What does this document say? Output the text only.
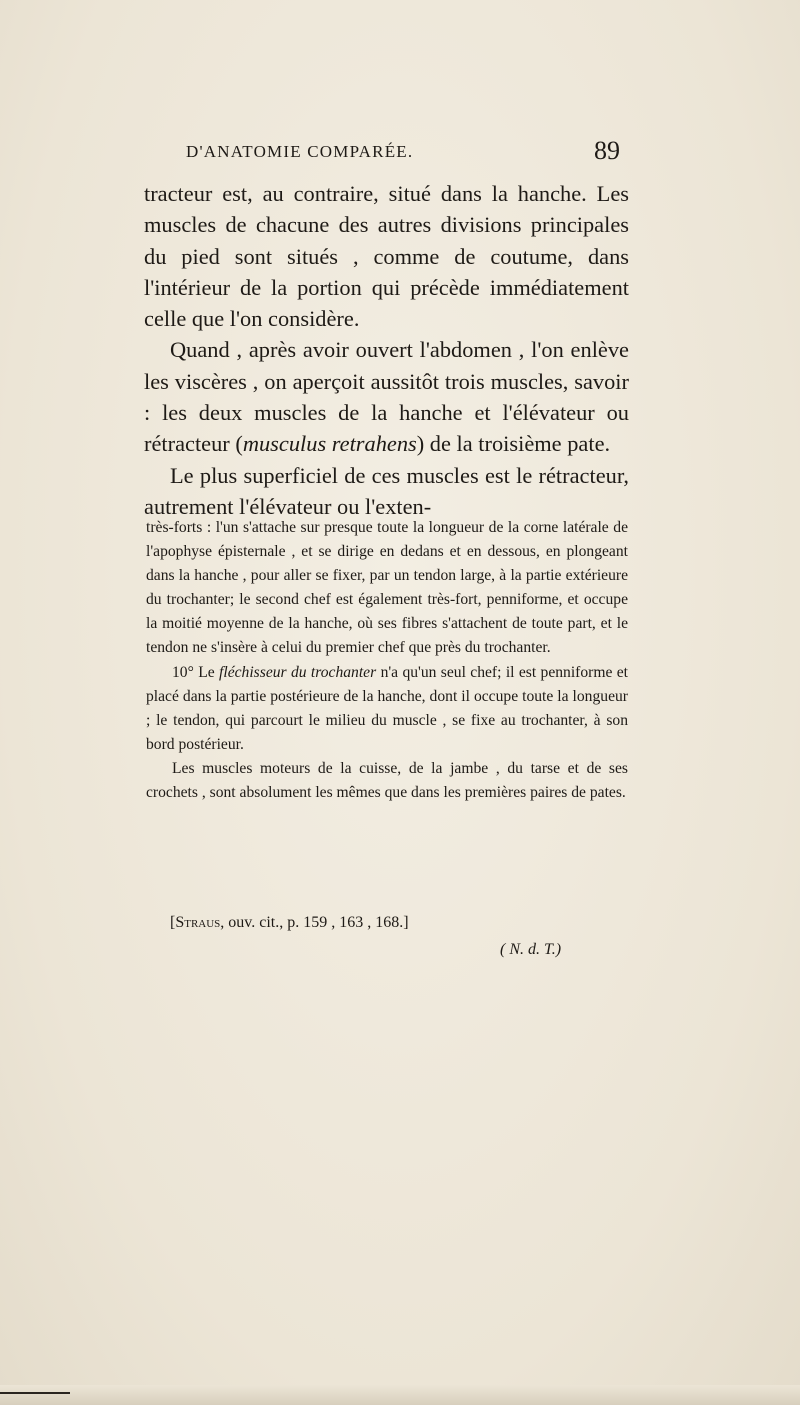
D'ANATOMIE COMPARÉE.	89

tracteur est, au contraire, situé dans la hanche. Les muscles de chacune des autres divisions principales du pied sont situés , comme de coutume, dans l'intérieur de la portion qui précède immédiatement celle que l'on considère.

Quand , après avoir ouvert l'abdomen , l'on enlève les viscères , on aperçoit aussitôt trois muscles, savoir : les deux muscles de la hanche et l'élévateur ou rétracteur (musculus retrahens) de la troisième pate.

Le plus superficiel de ces muscles est le rétracteur, autrement l'élévateur ou l'exten-

très-forts : l'un s'attache sur presque toute la longueur de la corne latérale de l'apophyse épisternale , et se dirige en dedans et en dessous, en plongeant dans la hanche , pour aller se fixer, par un tendon large, à la partie extérieure du trochanter; le second chef est également très-fort, penniforme, et occupe la moitié moyenne de la hanche, où ses fibres s'attachent de toute part, et le tendon ne s'insère à celui du premier chef que près du trochanter.

10° Le fléchisseur du trochanter n'a qu'un seul chef; il est penniforme et placé dans la partie postérieure de la hanche, dont il occupe toute la longueur ; le tendon, qui parcourt le milieu du muscle , se fixe au trochanter, à son bord postérieur.

Les muscles moteurs de la cuisse, de la jambe , du tarse et de ses crochets , sont absolument les mêmes que dans les premières paires de pates.

[Straus, ouv. cit., p. 159 , 163 , 168.]
( N. d. T.)
